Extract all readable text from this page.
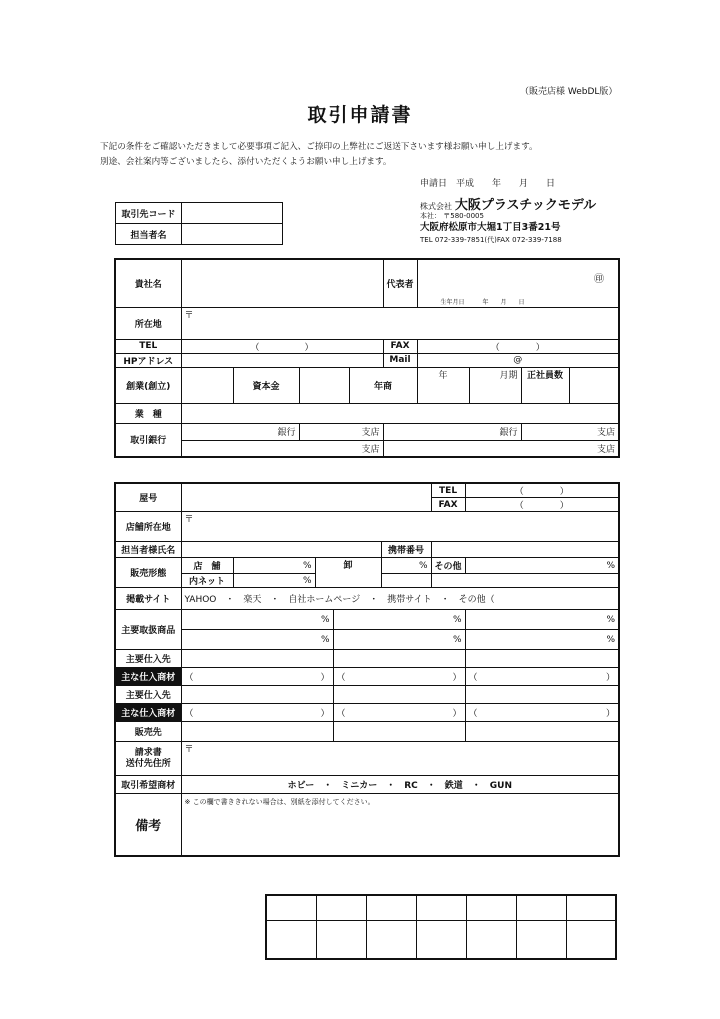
（販売店様 WebDL版）
取引申請書
下記の条件をご確認いただきまして必要事項ご記入、ご捺印の上弊社にご返送下さいます様お願い申し上げます。
別途、会社案内等ございましたら、添付いただくようお願い申し上げます。
申請日　平成　　年　　月　　日
株式会社 大阪プラスチックモデル
本社： 〒580-0005
大阪府松原市大堀1丁目3番21号
TEL 072-339-7851(代)FAX 072-339-7188
取引先コード	
担当者名	
貴社名					代表者	㊞
生年月日　　　年　　月　　日			
所在地	〒								
TEL	（　　　　　）				FAX	（　　　　）			
HPアドレス					Mail	@			
創業(創立)		資本金		年商		年	月期	正社員数	
業　種									
取引銀行	銀行		支店		銀行			支店	
	支店				支店				
屋号						TEL	（　　　　）
						FAX	（　　　　）
店舗所在地	〒						
担当者様氏名					携帯番号		
販売形態	店　舗	%	卸		%	その他	%
	内ネット	%					
掲載サイト	YAHOO　・　楽天　・　自社ホームページ　・　携帯サイト　・　その他（						
主要取扱商品	%			%			%
	%			%			%
主要仕入先							
主な仕入商材	（ ）			（ ）			（ ）

主要仕入先							
主な仕入商材	（ ）			（ ）			（ ）

販売先							

請求書
送付先住所	〒						
取引希望商材	ホビー　・　ミニカー　・　RC　・　鉄道　・　GUN						
備考	※ この欄で書ききれない場合は、別紙を添付してください。						
